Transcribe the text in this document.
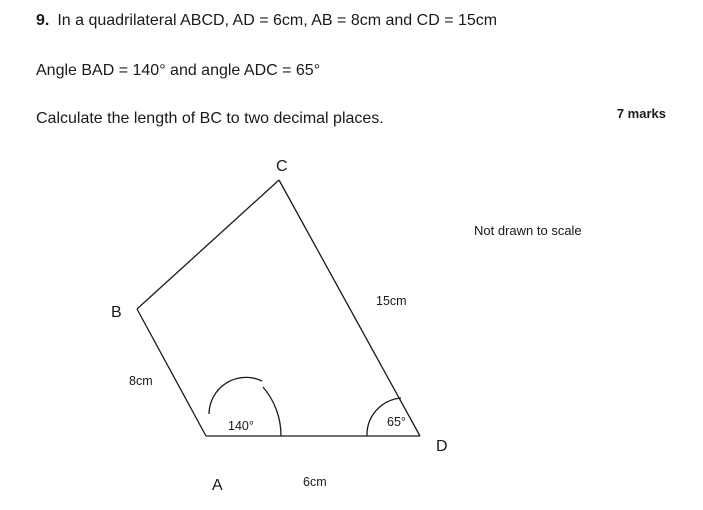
9. In a quadrilateral ABCD, AD = 6cm, AB = 8cm and CD = 15cm
Angle BAD = 140° and angle ADC = 65°
Calculate the length of BC to two decimal places.	7 marks
Not drawn to scale
C
B
A
D
15cm
8cm
6cm
140°	65°
